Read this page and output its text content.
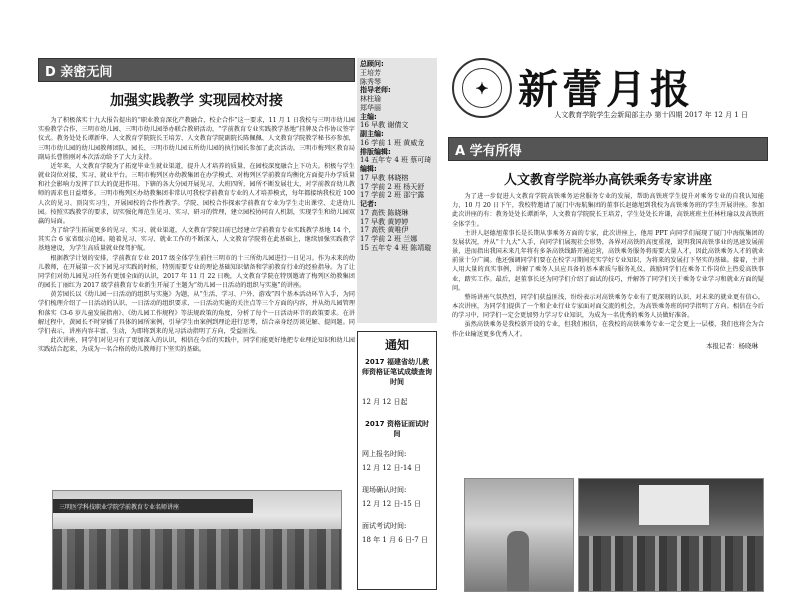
D 亲密无间
加强实践教学 实现园校对接

为了积极落实十九大报告提出的“职业教育深化产教融合、校企合作”这一要求，11 月 1 日我校与三明市幼儿园实验教学合作，三明市幼儿园、三明市幼儿园举办联合教研活动，“学前教育专业实践教学基地”挂牌及合作协议签字仪式。教务处处长谭新华、人文教育学院院长王培芳、人文教育学院副院长陈佩佩、人文教育学院教学秘书亦参加，三明市幼儿园的幼儿园教师团队、园长、三明市幼儿园五所幼儿园的执行园长参加了此次活动。三明市梅列区教育局副局长曹胜刚对本次活动给予了大力支持。

近年来，人文教育学院为了拓宽毕业生就业渠道，提升人才培养的质量，在园校深度融合上下功夫。积极与学生就业岗位对接，实习、就业平台。三明市梅列区办幼教集团在办学模式、对梅列区学前教育均衡化方面提升办学质量和社会影响力发挥了巨大的促进作用。下辖的各大分园开展见习，大班四所、园所不断发展壮大，对学前教育幼儿教师的需求也日益增多。三明市梅列区办幼教集团非常认可我校学前教育专业的人才培养模式，每年都接纳我校近 100 人次的见习、顶岗实习生，开展园校的合作性教学。学院、园校合作探索学前教育专业为学生走出课堂、走进幼儿园。按照实践教学的要求，切实强化师范生见习、实习、研习的管理，建立园校协同育人机制，实现学生和幼儿园双赢的局面。

为了给学生拓展更多的见习、实习、就业渠道，人文教育学院目前已经建立学前教育专业实践教学基地 14 个，其实合 6 家省级示范园。随着见习、实习、就业工作的不断深入，人文教育学院将在此基础上，继续加强实践教学基地建设，为学生高质量就业保驾护航。

根据教学计划的安排，学前教育专业 2017 级全体学生前往三明市的十三所幼儿园进行一日见习。作为未来的幼儿教师，在开展第一次下园见习实践的时候，特别需要专业的理论基础知识储备和学前教育行业的经验指导。为了让同学们对幼儿园见习任务有更加全面的认识，2017 年 11 月 22 日晚，人文教育学院在特别邀请了梅列区幼教集团的园长丁丽红为 2017 级学前教育专业新生开展了主题为“幼儿园一日活动的组织与实施”的讲座。

黄芳园长以《幼儿园一日活动的组织与实施》为题，从“生活、学习、户外、游戏”四个基本活动环节入手，为同学们梳理介绍了一日活动的认识、一日活动的组织要求、一日活动实施的关注点等三个方面的内容，并从幼儿园管理和落实《3-6 岁儿童发展指南》、《幼儿园工作规程》等法规政策的角度，分析了每个一日活动环节的政策要求。在讲解过程中，黄园长不时穿插了具体的园所案例，引导学生由案例到理论进行思考，结合亲身经历谈见解、提问题。同学们表示，讲座内容丰富、生动，为即将到来的见习活动指明了方向，受益匪浅。

此次讲座，同学们对见习有了更加深入的认识，相信在今后的实践中，同学们能更好地把专业理论知识和幼儿园实践结合起来，为成为一名合格的幼儿教师打下坚实的基础。

三明医学科技职业学院学前教育专业名师讲座
总顾问:
王培芳
陈秀琴
指导老师:
林柱瑜
郑华丽
主编:
16 早教 谢倩文
副主编:
16 学前 1 班 黄威龙
排版编辑:
14 五年专 4 班 蔡可琦
编辑:
17 早教 林晓榕
17 学前 2 班 杨天舒
17 学前 2 班 邵宁露
记者:
17 高铁 陈晓琳
17 早教 黄婷婷
17 高铁 黄唯伊
17 学前 2 班 兰娜
15 五年专 4 班 陈靖璇
通知
2017 福建省幼儿教师资格证笔试成绩查询时间
12 月 12 日起
2017 资格证面试时间
网上报名时间:
12 月 12 日-14 日
现场确认时间:
12 月 12 日-15 日
面试考试时间:
18 年 1 月 6 日-7 日
✦ 新蕾月报
人文教育学院学生会新闻部主办 第十四期 2017 年 12 月 1 日
A 学有所得
人文教育学院举办高铁乘务专家讲座

为了进一步促进人文教育学院高铁乘务运营服务专业的发展，帮助高铁班学生提升对乘务专业的自我认知能力，10 月 20 日下午，我校特邀请了厦门中海航集团的董事长赵德旭到我校为高铁乘务班的学生开展讲座。参加此次讲座的有：教务处处长谭新华，人文教育学院院长王培芳，学生处处长许谦，高铁班班主任林柱瑜以及高铁班全体学生。

主讲人赵德旭董事长是长期从事乘务方面的专家，此次讲座上，他用 PPT 向同学们展现了厦门中海航集团的发展状况，并从“十九大”入手，向同学们展现社会形势，各界对高铁的高度重视，说明我国高铁事业的迅速发展前景，进而指出我国未来几年将有多条高铁线路开通运营，高铁乘务服务将需要大量人才，因此高铁乘务人才的就业前景十分广阔。他还强调同学们要在在校学习期间充实学好专业知识，为将来的发展打下坚实的基础。接着，主讲人用大量的真实事例，讲解了乘务人员应具备的基本素质与服务礼仪，鼓励同学们在乘务工作岗位上热爱高铁事业，踏实工作。最后，赵董事长还为同学们介绍了面试的技巧，并解答了同学们关于乘务专业学习和就业方面的疑问。

整场讲座气氛热烈，同学们获益匪浅，纷纷表示对高铁乘务专业有了更深刻的认识，对未来的就业更有信心。本次讲座，为同学们提供了一个和企业行业专家面对面交流的机会，为高铁乘务班的同学指明了方向。相信在今后的学习中，同学们一定会更加努力学习专业知识，为成为一名优秀的乘务人员做好准备。

虽然高铁乘务是我校新开设的专业，但我们相信，在我校的高铁乘务专业一定会更上一层楼，我们也将会为合作企业输送更多优秀人才。

本报记者：杨晓琳
